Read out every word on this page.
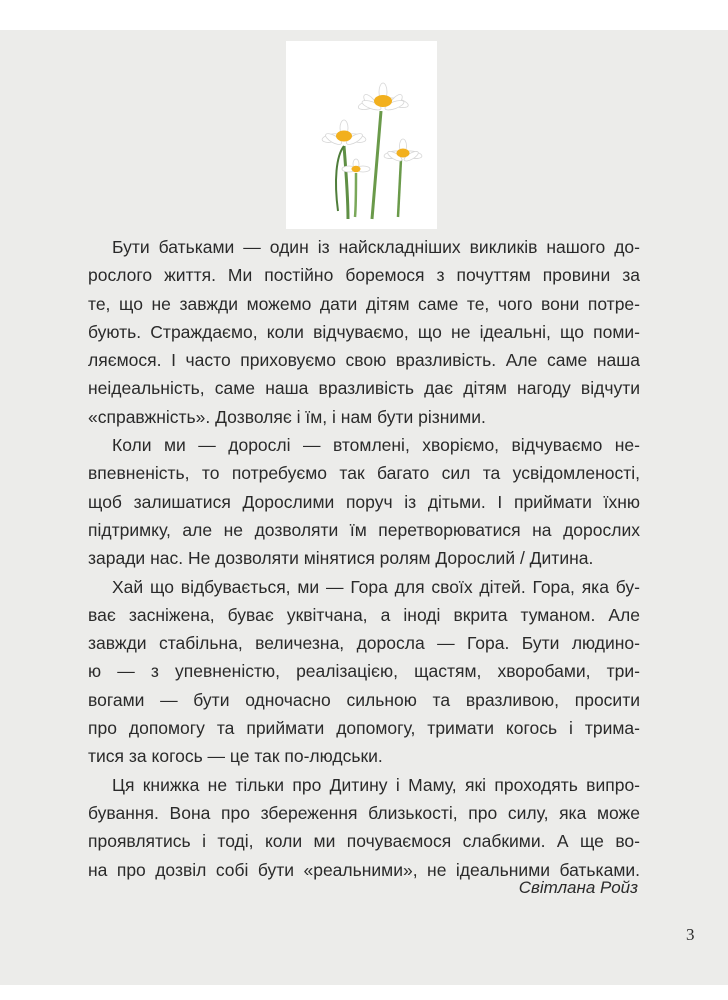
Бути батьками — один із найскладніших викликів нашого до-
рослого життя. Ми постійно боремося з почуттям провини за
те, що не завжди можемо дати дітям саме те, чого вони потре-
бують. Страждаємо, коли відчуваємо, що не ідеальні, що поми-
ляємося. І часто приховуємо свою вразливість. Але саме наша
неідеальність, саме наша вразливість дає дітям нагоду відчути
«справжність». Дозволяє і їм, і нам бути різними.
Коли ми — дорослі — втомлені, хворіємо, відчуваємо не-
впевненість, то потребуємо так багато сил та усвідомленості,
щоб залишатися Дорослими поруч із дітьми. І приймати їхню
підтримку, але не дозволяти їм перетворюватися на дорослих
заради нас. Не дозволяти мінятися ролям Дорослий / Дитина.
Хай що відбувається, ми — Гора для своїх дітей. Гора, яка бу-
ває засніжена, буває уквітчана, а іноді вкрита туманом. Але
завжди стабільна, величезна, доросла — Гора. Бути людино-
ю — з упевненістю, реалізацією, щастям, хворобами, три-
вогами — бути одночасно сильною та вразливою, просити
про допомогу та приймати допомогу, тримати когось і трима-
тися за когось — це так по-людськи.
Ця книжка не тільки про Дитину і Маму, які проходять випро-
бування. Вона про збереження близькості, про силу, яка може
проявлятись і тоді, коли ми почуваємося слабкими. А ще во-
на про дозвіл собі бути «реальними», не ідеальними батьками.
Світлана Ройз
3
